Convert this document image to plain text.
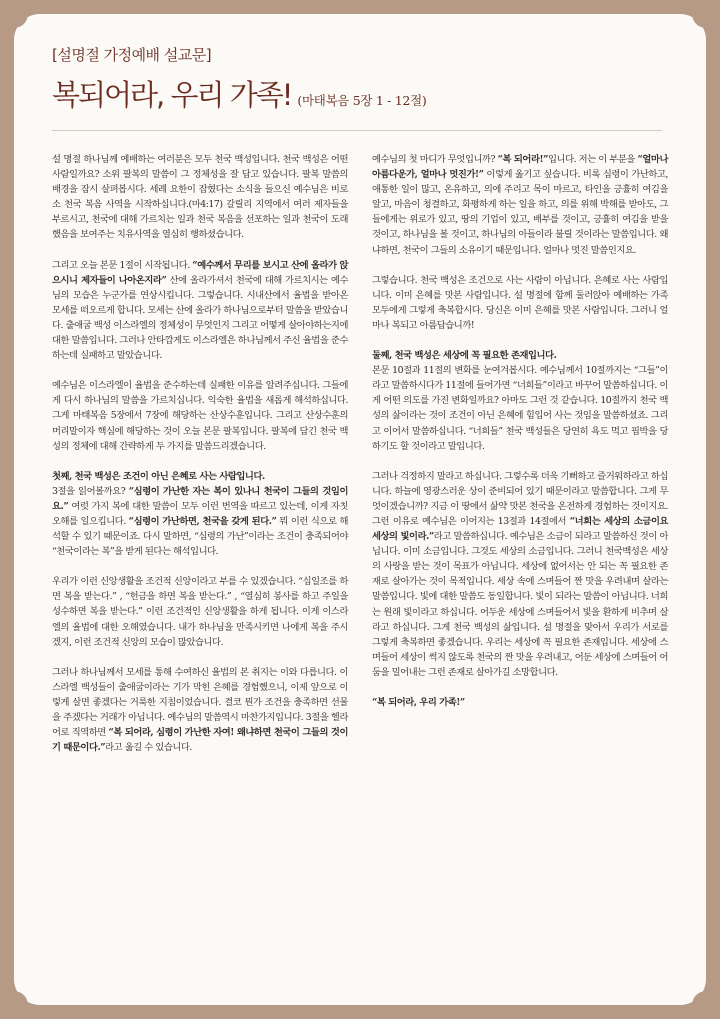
[설명절 가정예배 설교문]
복되어라, 우리 가족! (마태복음 5장 1 - 12절)

설 명절 하나님께 예배하는 여러분은 모두 천국 백성입니다. 천국 백성은 어떤 사람일까요? 소위 팔복의 말씀이 그 정체성을 잘 답고 있습니다. 팔복 말씀의 배경을 잠시 살펴봅시다. 세례 요한이 잡혔다는 소식을 들으신 예수님은 비로소 천국 복음 사역을 시작하십니다.(마4:17) 갈릴리 지역에서 여러 제자들을 부르시고, 천국에 대해 가르치는 일과 천국 복음을 선포하는 일과 천국이 도래했음을 보여주는 치유사역을 열심히 행하셨습니다.

그리고 오늘 본문 1절이 시작됩니다. “예수께서 무리를 보시고 산에 올라가 앉으시니 제자들이 나아온지라” 산에 올라가셔서 천국에 대해 가르치시는 예수님의 모습은 누군가를 연상시킵니다. 그렇습니다. 시내산에서 율법을 받아온 모세를 떠오르게 합니다. 모세는 산에 올라가 하나님으로부터 말씀을 받았습니다. 출애굽 백성 이스라엘의 정체성이 무엇인지 그리고 어떻게 살아야하는지에 대한 말씀입니다. 그러나 안타깝게도 이스라엘은 하나님께서 주신 율법을 준수하는데 실패하고 말았습니다.

예수님은 이스라엘이 율법을 준수하는데 실패한 이유를 알려주십니다. 그들에게 다시 하나님의 말씀을 가르치십니다. 익숙한 율법을 새롭게 해석하십니다. 그게 마태복음 5장에서 7장에 해당하는 산상수훈입니다. 그리고 산상수훈의 머리말이자 핵심에 해당하는 것이 오늘 본문 팔복입니다. 팔복에 담긴 천국 백성의 정체에 대해 간략하게 두 가지를 말씀드리겠습니다.

첫째, 천국 백성은 조건이 아닌 은혜로 사는 사람입니다.

3절을 읽어볼까요? “심령이 가난한 자는 복이 있나니 천국이 그들의 것임이요.” 여럿 가지 복에 대한 말씀이 모두 이런 번역을 따르고 있는데, 이게 자칫 오해를 일으킵니다. “심령이 가난하면, 천국을 갖게 된다.” 뭐 이런 식으로 해석할 수 있기 때문이죠. 다시 말하면, “심령의 가난”이라는 조건이 충족되어야 “천국이라는 복”을 받게 된다는 해석입니다.

우리가 이런 신앙생활을 조건적 신앙이라고 부를 수 있겠습니다. “십일조를 하면 복을 받는다.” , “헌금을 하면 복을 받는다.” , “열심히 봉사를 하고 주일을 성수하면 복을 받는다.” 이런 조건적인 신앙생활을 하게 됩니다. 이게 이스라엘의 율법에 대한 오해였습니다. 내가 하나님을 만족시키면 나에게 복을 주시겠지, 이런 조건적 신앙의 모습이 많았습니다.

그러나 하나님께서 모세를 통해 수여하신 율법의 본 취지는 이와 다릅니다. 이스라엘 백성들이 출애굽이라는 기가 막힌 은혜를 경험했으니, 이제 앞으로 이렇게 살면 좋겠다는 거룩한 지침이었습니다. 결코 뭔가 조건을 충족하면 선물을 주겠다는 거래가 아닙니다. 예수님의 말씀역시 마찬가지입니다. 3절을 헬라어로 직역하면 “복 되어라, 심령이 가난한 자여! 왜냐하면 천국이 그들의 것이기 때문이다.”라고 옮길 수 있습니다.

예수님의 첫 마디가 무엇입니까? “복 되어라!”입니다. 저는 이 부분을 “얼마나 아름다운가, 얼마나 멋진가!” 이렇게 옮기고 싶습니다. 비록 심령이 가난하고, 애통한 일이 많고, 온유하고, 의에 주리고 목이 마르고, 타인을 긍휼히 여김을 알고, 마음이 청결하고, 화평하게 하는 일을 하고, 의를 위해 박해를 받아도, 그들에게는 위로가 있고, 땅의 기업이 있고, 배부를 것이고, 긍휼히 여김을 받을 것이고, 하나님을 볼 것이고, 하나님의 아들이라 불릴 것이라는 말씀입니다. 왜냐하면, 천국이 그들의 소유이기 때문입니다. 얼마나 멋진 말씀인지요.

그렇습니다. 천국 백성은 조건으로 사는 사람이 아닙니다. 은혜로 사는 사람입니다. 이미 은혜를 맛본 사람입니다. 설 명절에 함께 둘러앉아 예배하는 가족 모두에게 그렇게 축복합시다. 당신은 이미 은혜를 맛본 사람입니다. 그러니 얼마나 복되고 아름답습니까!

둘째, 천국 백성은 세상에 꼭 필요한 존재입니다.

본문 10절과 11절의 변화를 눈여겨봅시다. 예수님께서 10절까지는 “그들”이라고 말씀하시다가 11절에 들어가면 “너희들”이라고 바꾸어 말씀하십니다. 이게 어떤 의도를 가진 변화일까요? 아마도 그런 것 같습니다. 10절까지 천국 백성의 삶이라는 것이 조건이 아닌 은혜에 힘입어 사는 것임을 말씀하셨죠. 그리고 이어서 말씀하십니다. “너희들” 천국 백성들은 당연히 욕도 먹고 핍박을 당하기도 할 것이라고 말입니다.

그러나 걱정하지 말라고 하십니다. 그렇수록 더욱 기뻐하고 즐거워하라고 하십니다. 하늘에 영광스러운 상이 준비되어 있기 때문이라고 말씀합니다. 그게 무엇이겠습니까? 지금 이 땅에서 삶약 맛본 천국을 온전하게 경험하는 것이지요. 그런 이유로 예수님은 이어지는 13절과 14절에서 “너희는 세상의 소금이요 세상의 빛이라.”라고 말씀하십니다. 예수님은 소금이 되라고 말씀하신 것이 아닙니다. 이미 소금입니다. 그것도 세상의 소금입니다. 그러니 천국백성은 세상의 사랑을 받는 것이 목표가 아닙니다. 세상에 없어서는 안 되는 꼭 필요한 존재로 살아가는 것이 목적입니다. 세상 속에 스며들어 짠 맛을 우려내며 살라는 말씀입니다. 빛에 대한 말씀도 동일합니다. 빛이 되라는 말씀이 아닙니다. 너희는 원래 빛이라고 하십니다. 어두운 세상에 스며들어서 빛을 환하게 비추며 살라고 하십니다. 그게 천국 백성의 삶입니다. 설 명절을 맞아서 우리가 서로를 그렇게 축복하면 좋겠습니다. 우리는 세상에 꼭 필요한 존재입니다. 세상에 스며들어 세상이 썩지 않도록 천국의 짠 맛을 우려내고, 어둔 세상에 스며들어 어둠을 밀어내는 그런 존재로 살아가길 소망합니다.

“복 되어라, 우리 가족!”
